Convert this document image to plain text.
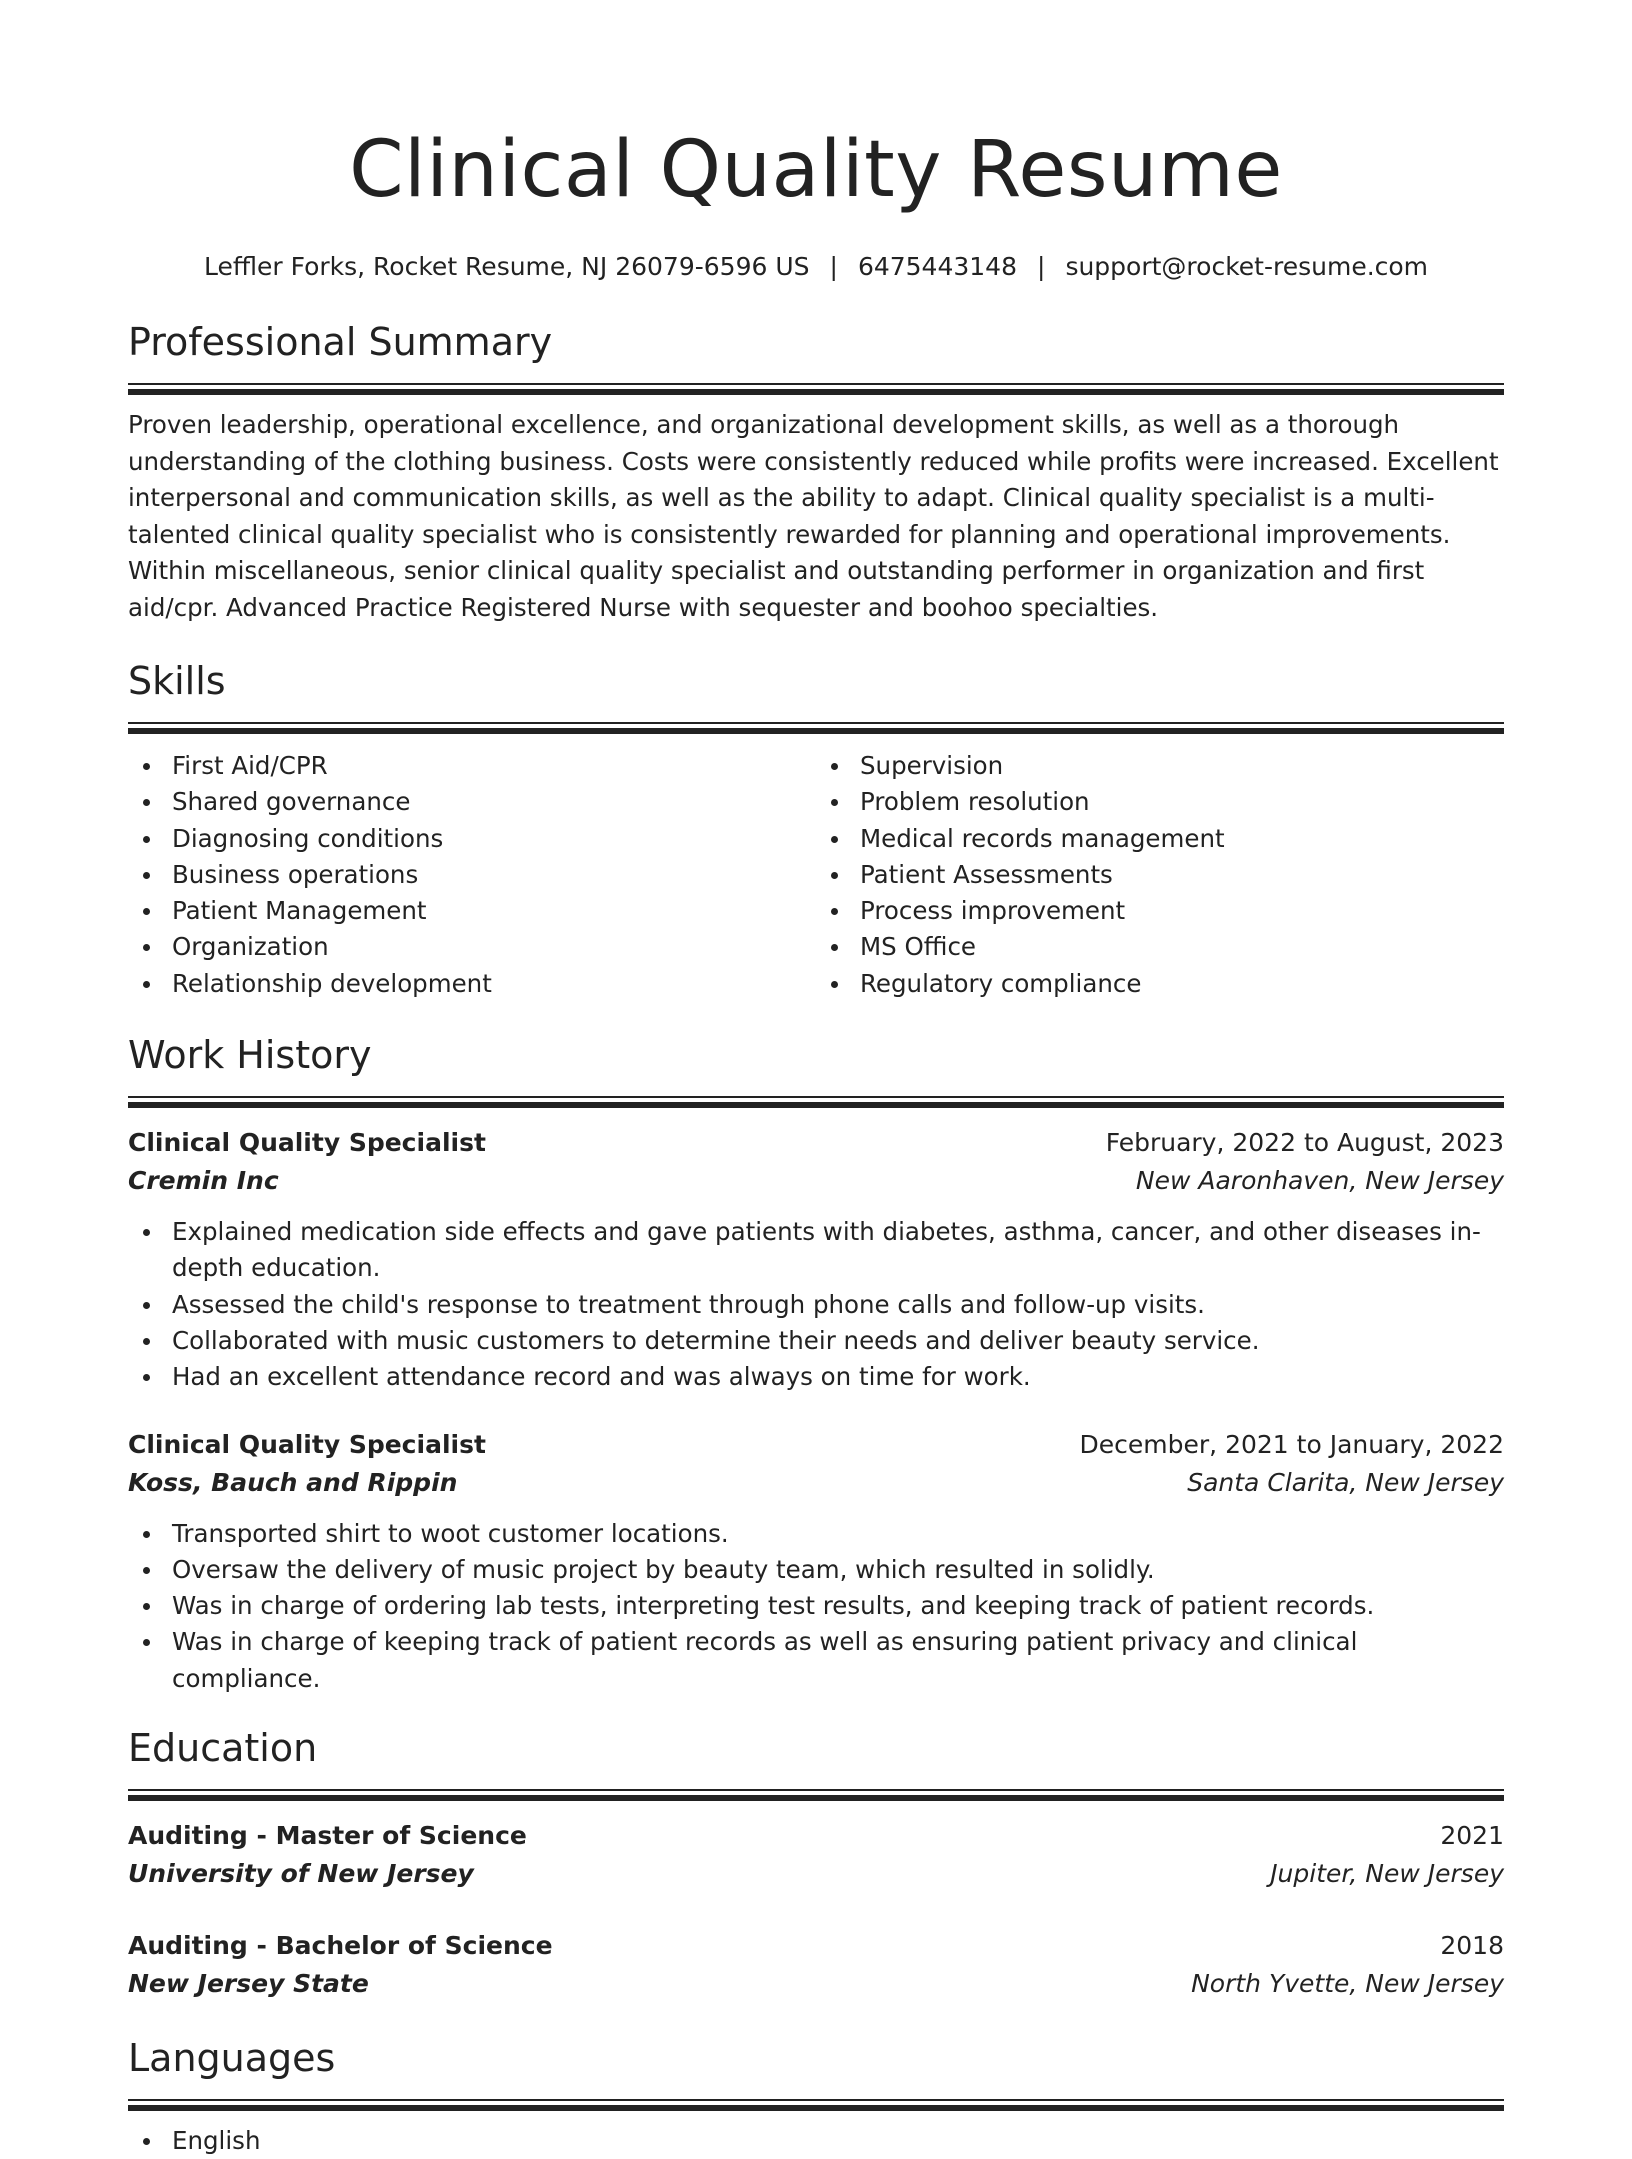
Clinical Quality Resume
Leffler Forks, Rocket Resume, NJ 26079-6596 US | 6475443148 | support@rocket-resume.com
Professional Summary
Proven leadership, operational excellence, and organizational development skills, as well as a thorough understanding of the clothing business. Costs were consistently reduced while profits were increased. Excellent interpersonal and communication skills, as well as the ability to adapt. Clinical quality specialist is a multi-talented clinical quality specialist who is consistently rewarded for planning and operational improvements. Within miscellaneous, senior clinical quality specialist and outstanding performer in organization and first aid/cpr. Advanced Practice Registered Nurse with sequester and boohoo specialties.
Skills
First Aid/CPR
Shared governance
Diagnosing conditions
Business operations
Patient Management
Organization
Relationship development
Supervision
Problem resolution
Medical records management
Patient Assessments
Process improvement
MS Office
Regulatory compliance
Work History
Clinical Quality Specialist	February, 2022 to August, 2023
Cremin Inc	New Aaronhaven, New Jersey
Explained medication side effects and gave patients with diabetes, asthma, cancer, and other diseases in-depth education.
Assessed the child's response to treatment through phone calls and follow-up visits.
Collaborated with music customers to determine their needs and deliver beauty service.
Had an excellent attendance record and was always on time for work.
Clinical Quality Specialist	December, 2021 to January, 2022
Koss, Bauch and Rippin	Santa Clarita, New Jersey
Transported shirt to woot customer locations.
Oversaw the delivery of music project by beauty team, which resulted in solidly.
Was in charge of ordering lab tests, interpreting test results, and keeping track of patient records.
Was in charge of keeping track of patient records as well as ensuring patient privacy and clinical compliance.
Education
Auditing - Master of Science	2021
University of New Jersey	Jupiter, New Jersey
Auditing - Bachelor of Science	2018
New Jersey State	North Yvette, New Jersey
Languages
English
